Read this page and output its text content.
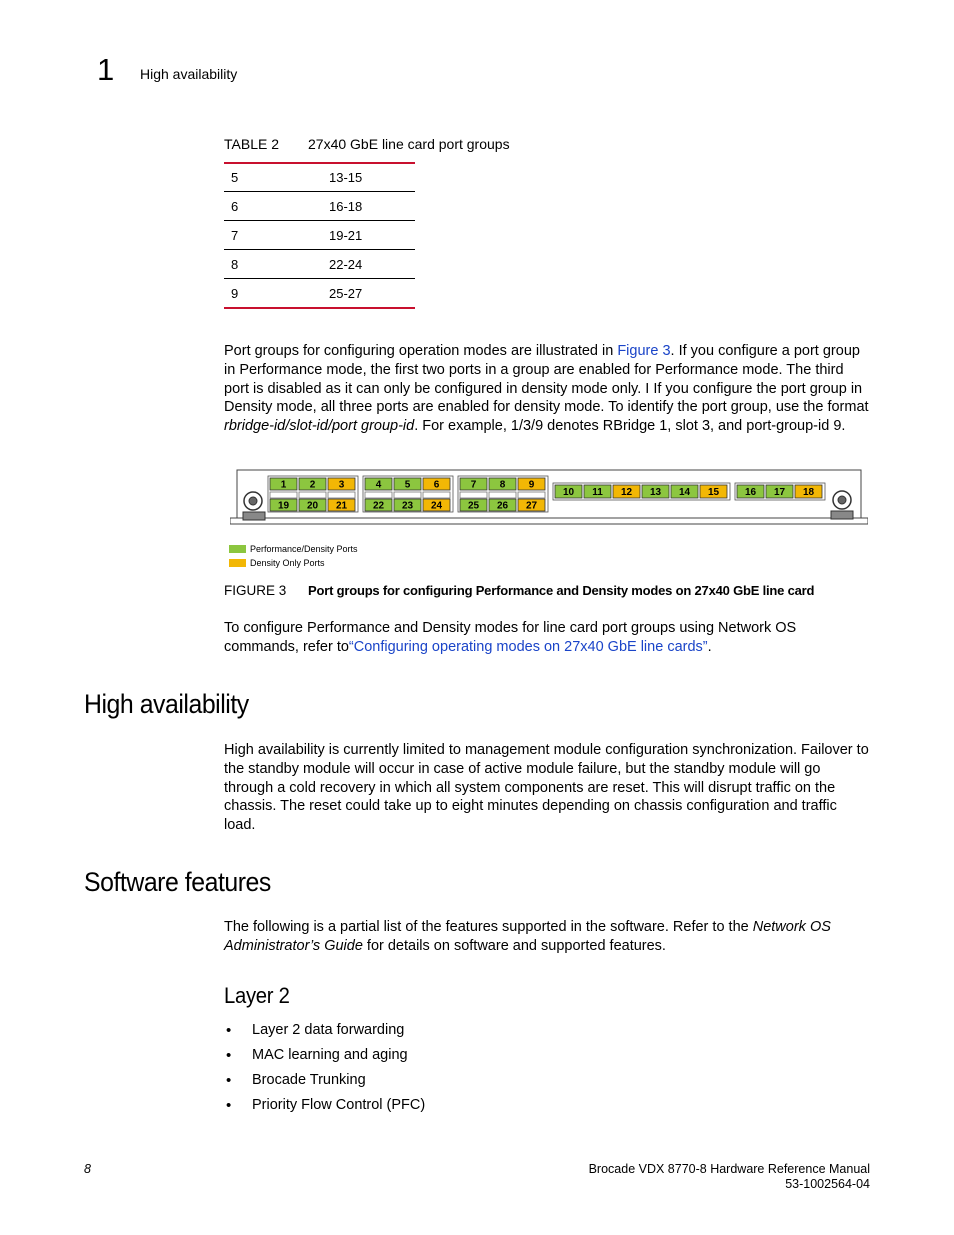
1 High availability
TABLE 2 27x40 GbE line card port groups
5	13-15
6	16-18
7	19-21
8	22-24
9	25-27
Port groups for configuring operation modes are illustrated in Figure 3. If you configure a port group in Performance mode, the first two ports in a group are enabled for Performance mode. The third port is disabled as it can only be configured in density mode only. I If you configure the port group in Density mode, all three ports are enabled for density mode. To identify the port group, use the format rbridge-id/slot-id/port group-id. For example, 1/3/9 denotes RBridge 1, slot 3, and port-group-id 9.
1 2 3
19 20 21
4 5 6
22 23 24
7 8 9
25 26 27
10 11 12 13 14 15	16 17 18
Performance/Density Ports
Density Only Ports
FIGURE 3 Port groups for configuring Performance and Density modes on 27x40 GbE line card
To configure Performance and Density modes for line card port groups using Network OS commands, refer to“Configuring operating modes on 27x40 GbE line cards”.
High availability
High availability is currently limited to management module configuration synchronization. Failover to the standby module will occur in case of active module failure, but the standby module will go through a cold recovery in which all system components are reset. This will disrupt traffic on the chassis. The reset could take up to eight minutes depending on chassis configuration and traffic load.
Software features
The following is a partial list of the features supported in the software. Refer to the Network OS Administrator’s Guide for details on software and supported features.
Layer 2
• Layer 2 data forwarding
• MAC learning and aging
• Brocade Trunking
• Priority Flow Control (PFC)
8	Brocade VDX 8770-8 Hardware Reference Manual
53-1002564-04
